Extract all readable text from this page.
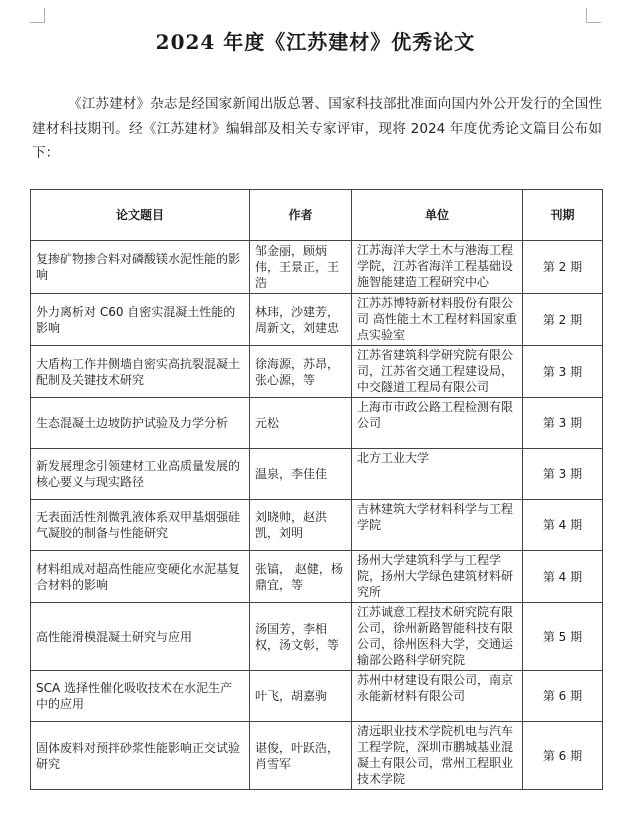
2024 年度《江苏建材》优秀论文

《江苏建材》杂志是经国家新闻出版总署、国家科技部批准面向国内外公开发行的全国性建材科技期刊。经《江苏建材》编辑部及相关专家评审，现将 2024 年度优秀论文篇目公布如下：

论文题目	作者	单位	刊期
复掺矿物掺合料对磷酸镁水泥性能的影响	邹金丽，顾炳伟，王景正，王浩	江苏海洋大学土木与港海工程学院，江苏省海洋工程基础设施智能建造工程研究中心	第 2 期
外力离析对 C60 自密实混凝土性能的影响	林玮，沙建芳，周新文，刘建忠	江苏苏博特新材料股份有限公司 高性能土木工程材料国家重点实验室	第 2 期
大盾构工作井侧墙自密实高抗裂混凝土配制及关键技术研究	徐海源，苏昂，张心源，等	江苏省建筑科学研究院有限公司，江苏省交通工程建设局，中交隧道工程局有限公司	第 3 期
生态混凝土边坡防护试验及力学分析	元松	上海市市政公路工程检测有限公司	第 3 期
新发展理念引领建材工业高质量发展的核心要义与现实路径	温泉，李佳佳	北方工业大学	第 3 期
无表面活性剂微乳液体系双甲基烟强硅气凝胶的制备与性能研究	刘晓帅，赵洪凯，刘明	吉林建筑大学材料科学与工程学院	第 4 期
材料组成对超高性能应变硬化水泥基复合材料的影响	张镐， 赵健，杨鼎宜，等	扬州大学建筑科学与工程学院，扬州大学绿色建筑材料研究所	第 4 期
高性能滑模混凝土研究与应用	汤国芳，李相权，汤文彰，等	江苏诚意工程技术研究院有限公司，徐州新路智能科技有限公司，徐州医科大学，交通运输部公路科学研究院	第 5 期
SCA 选择性催化吸收技术在水泥生产中的应用	叶飞，胡嘉驹	苏州中材建设有限公司，南京永能新材料有限公司	第 6 期
固体废料对预拌砂浆性能影响正交试验研究	谌俊，叶跃浩，肖雪军	清远职业技术学院机电与汽车工程学院，深圳市鹏城基业混凝土有限公司，常州工程职业技术学院	第 6 期
